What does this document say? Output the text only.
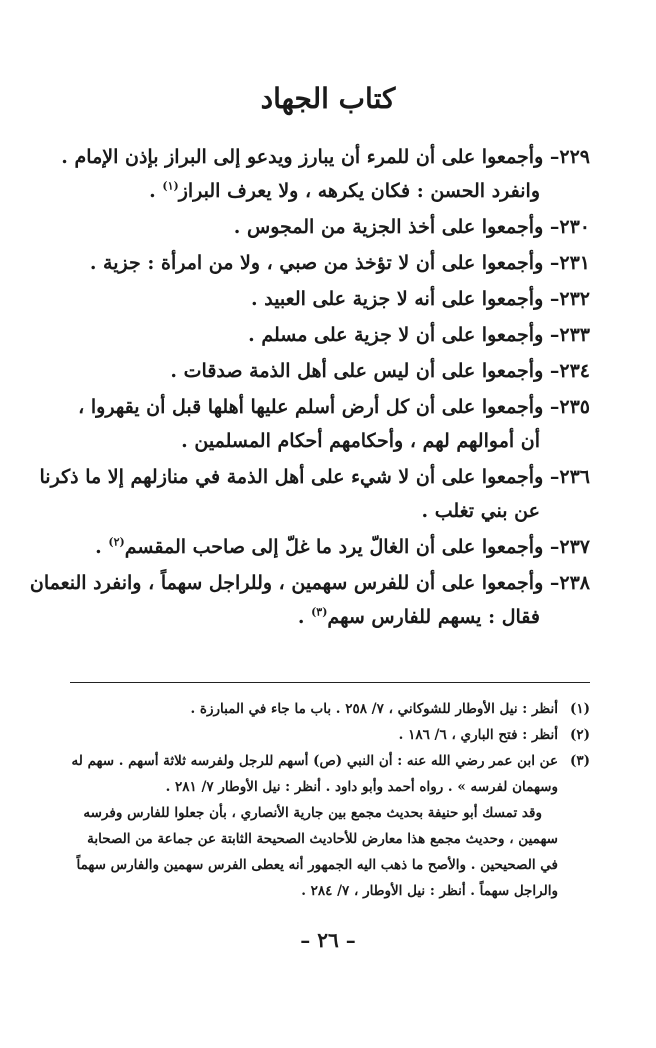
كتاب الجهاد
٢٢٩– وأجمعوا على أن للمرء أن يبارز ويدعو إلى البراز بإذن الإمام .
وانفرد الحسن : فكان يكرهه ، ولا يعرف البراز$^{(١)}$ .
٢٣٠– وأجمعوا على أخذ الجزية من المجوس .
٢٣١– وأجمعوا على أن لا تؤخذ من صبي ، ولا من امرأة : جزية .
٢٣٢– وأجمعوا على أنه لا جزية على العبيد .
٢٣٣– وأجمعوا على أن لا جزية على مسلم .
٢٣٤– وأجمعوا على أن ليس على أهل الذمة صدقات .
٢٣٥– وأجمعوا على أن كل أرض أسلم عليها أهلها قبل أن يقهروا ،
أن أموالهم لهم ، وأحكامهم أحكام المسلمين .
٢٣٦– وأجمعوا على أن لا شيء على أهل الذمة في منازلهم إلا ما ذكرنا
عن بني تغلب .
٢٣٧– وأجمعوا على أن الغالّ يرد ما غلّ إلى صاحب المقسم$^{(٢)}$ .
٢٣٨– وأجمعوا على أن للفرس سهمين ، وللراجل سهماً ، وانفرد النعمان
فقال : يسهم للفارس سهم$^{(٣)}$ .

(١)أنظر : نيل الأوطار للشوكاني ، ٧/ ٢٥٨ . باب ما جاء في المبارزة .

(٢)أنظر : فتح الباري ، ٦/ ١٨٦ .

(٣)عن ابن عمر رضي الله عنه : أن النبي (ص) أسهم للرجل ولفرسه ثلاثة أسهم . سهم له وسهمان لفرسه » . رواه أحمد وأبو داود . أنظر : نيل الأوطار ٧/ ٢٨١ .

وقد تمسك أبو حنيفة بحديث مجمع بين جارية الأنصاري ، بأن جعلوا للفارس وفرسه سهمين ، وحديث مجمع هذا معارض للأحاديث الصحيحة الثابتة عن جماعة من الصحابة في الصحيحين . والأصح ما ذهب اليه الجمهور أنه يعطى الفرس سهمين والفارس سهماً والراجل سهماً . أنظر : نيل الأوطار ، ٧/ ٢٨٤ .

– ٢٦ –
